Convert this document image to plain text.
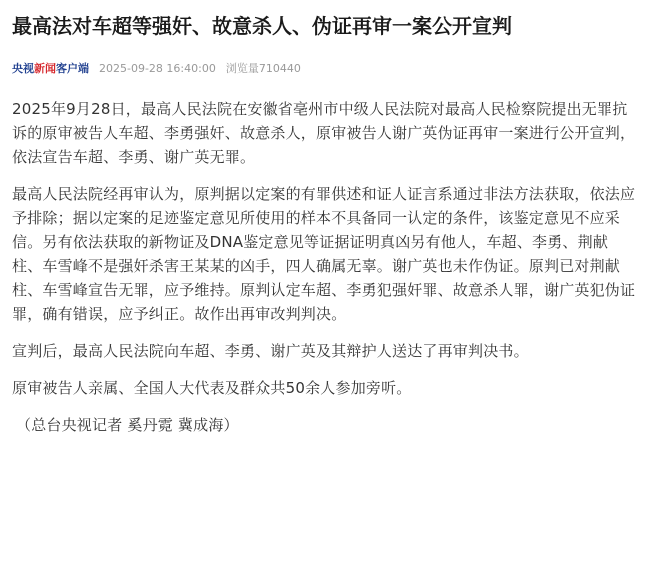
最高法对车超等强奸、故意杀人、伪证再审一案公开宣判
央视新闻客户端 2025-09-28 16:40:00 浏览量710440

2025年9月28日，最高人民法院在安徽省亳州市中级人民法院对最高人民检察院提出无罪抗诉的原审被告人车超、李勇强奸、故意杀人，原审被告人谢广英伪证再审一案进行公开宣判，依法宣告车超、李勇、谢广英无罪。

最高人民法院经再审认为，原判据以定案的有罪供述和证人证言系通过非法方法获取，依法应予排除；据以定案的足迹鉴定意见所使用的样本不具备同一认定的条件，该鉴定意见不应采信。另有依法获取的新物证及DNA鉴定意见等证据证明真凶另有他人，车超、李勇、荆献柱、车雪峰不是强奸杀害王某某的凶手，四人确属无辜。谢广英也未作伪证。原判已对荆献柱、车雪峰宣告无罪，应予维持。原判认定车超、李勇犯强奸罪、故意杀人罪，谢广英犯伪证罪，确有错误，应予纠正。故作出再审改判判决。

宣判后，最高人民法院向车超、李勇、谢广英及其辩护人送达了再审判决书。

原审被告人亲属、全国人大代表及群众共50余人参加旁听。

（总台央视记者 奚丹霓 冀成海）
